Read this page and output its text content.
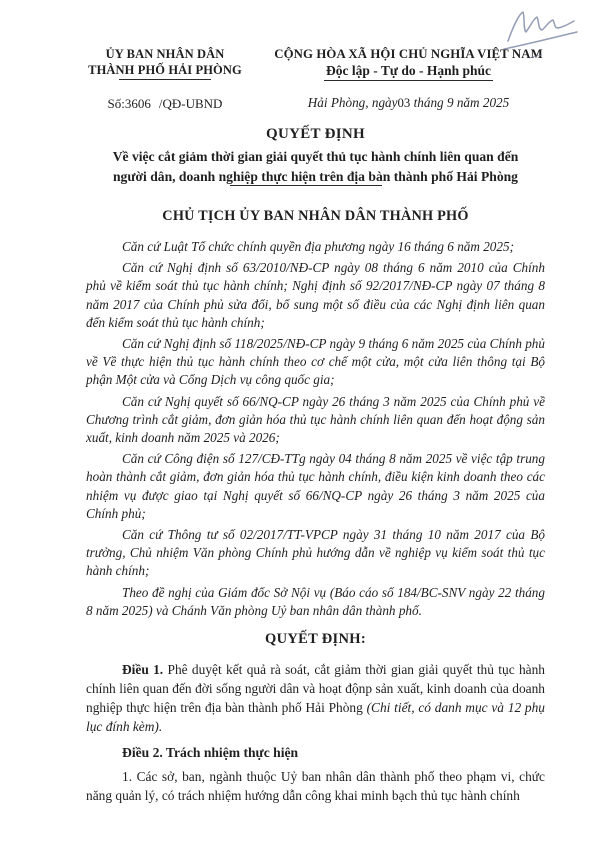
ỦY BAN NHÂN DÂN
THÀNH PHỐ HẢI PHÒNG
Số:3606 /QĐ-UBND
CỘNG HÒA XÃ HỘI CHỦ NGHĨA VIỆT NAM
Độc lập - Tự do - Hạnh phúc
Hải Phòng, ngày03 tháng 9 năm 2025
QUYẾT ĐỊNH
Về việc cắt giảm thời gian giải quyết thủ tục hành chính liên quan đến
người dân, doanh nghiệp thực hiện trên địa bàn thành phố Hải Phòng
CHỦ TỊCH ỦY BAN NHÂN DÂN THÀNH PHỐ

Căn cứ Luật Tổ chức chính quyền địa phương ngày 16 tháng 6 năm 2025;

Căn cứ Nghị định số 63/2010/NĐ-CP ngày 08 tháng 6 năm 2010 của Chính phủ về kiểm soát thủ tục hành chính; Nghị định số 92/2017/NĐ-CP ngày 07 tháng 8 năm 2017 của Chính phủ sửa đổi, bổ sung một số điều của các Nghị định liên quan đến kiểm soát thủ tục hành chính;

Căn cứ Nghị định số 118/2025/NĐ-CP ngày 9 tháng 6 năm 2025 của Chính phủ về Về thực hiện thủ tục hành chính theo cơ chế một cửa, một cửa liên thông tại Bộ phận Một cửa và Cổng Dịch vụ công quốc gia;

Căn cứ Nghị quyết số 66/NQ-CP ngày 26 tháng 3 năm 2025 của Chính phủ về Chương trình cắt giảm, đơn giản hóa thủ tục hành chính liên quan đến hoạt động sản xuất, kinh doanh năm 2025 và 2026;

Căn cứ Công điện số 127/CĐ-TTg ngày 04 tháng 8 năm 2025 về việc tập trung hoàn thành cắt giảm, đơn giản hóa thủ tục hành chính, điều kiện kinh doanh theo các nhiệm vụ được giao tại Nghị quyết số 66/NQ-CP ngày 26 tháng 3 năm 2025 của Chính phủ;

Căn cứ Thông tư số 02/2017/TT-VPCP ngày 31 tháng 10 năm 2017 của Bộ trưởng, Chủ nhiệm Văn phòng Chính phủ hướng dẫn về nghiệp vụ kiểm soát thủ tục hành chính;

Theo đề nghị của Giám đốc Sở Nội vụ (Báo cáo số 184/BC-SNV ngày 22 tháng 8 năm 2025) và Chánh Văn phòng Uỷ ban nhân dân thành phố.

QUYẾT ĐỊNH:

Điều 1. Phê duyệt kết quả rà soát, cắt giảm thời gian giải quyết thủ tục hành chính liên quan đến đời sống người dân và hoạt độnp sản xuất, kinh doanh của doanh nghiệp thực hiện trên địa bàn thành phố Hải Phòng (Chi tiết, có danh mục và 12 phụ lục đính kèm).

Điều 2. Trách nhiệm thực hiện

1. Các sở, ban, ngành thuộc Uỷ ban nhân dân thành phố theo phạm vi, chức năng quản lý, có trách nhiệm hướng dẫn công khai minh bạch thủ tục hành chính
